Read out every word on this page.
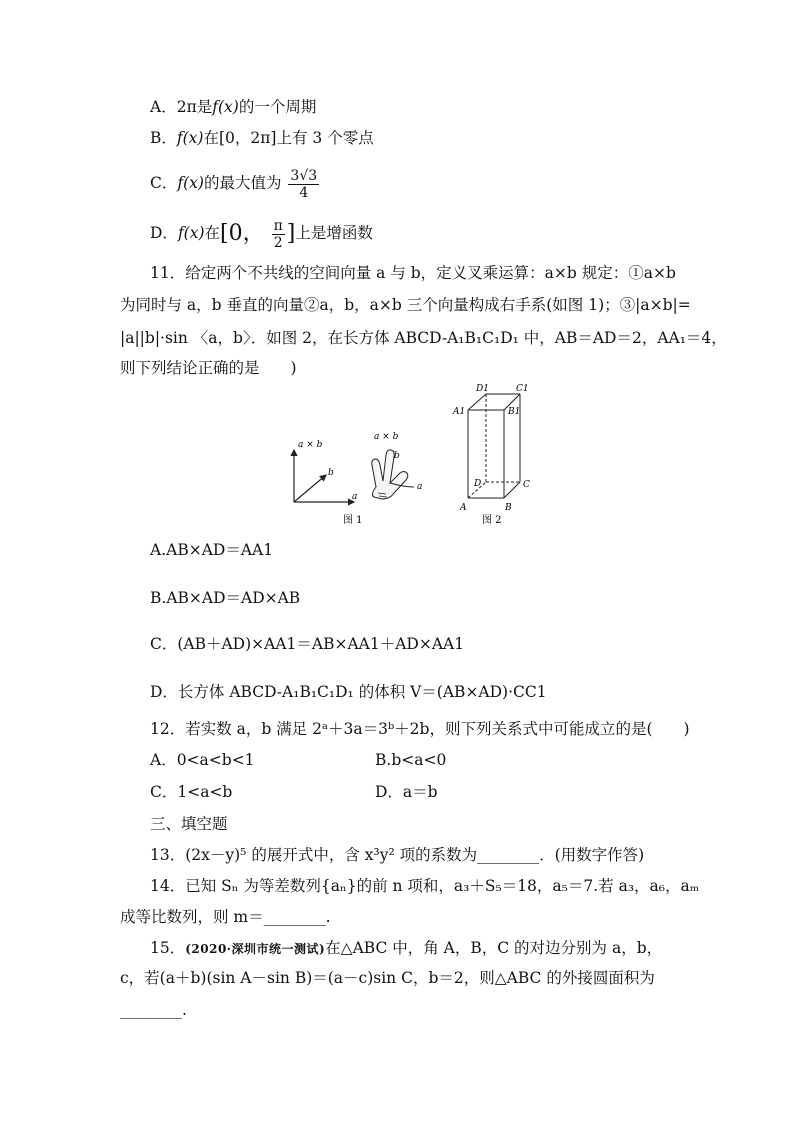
A．2π是f(x)的一个周期
B．f(x)在[0，2π]上有 3 个零点
C．f(x)的最大值为 $\frac{3√3}{4}$
D．f(x)在[0， $\frac{\pi}{2}$ ]上是增函数
11．给定两个不共线的空间向量 a 与 b，定义叉乘运算：a×b 规定：①a×b
为同时与 a，b 垂直的向量②a，b，a×b 三个向量构成右手系(如图 1)；③|a×b|=
|a||b|·sin 〈a，b〉．如图 2，在长方体 ABCD-A₁B₁C₁D₁ 中，AB＝AD＝2，AA₁＝4，
则下列结论正确的是　　)
a × b
a
b
a × b
b
a
图 1
A	B
C
D
A1	B1
C1
D1
图 2
A.AB×AD＝AA1
B.AB×AD＝AD×AB
C．(AB＋AD)×AA1＝AB×AA1＋AD×AA1
D．长方体 ABCD-A₁B₁C₁D₁ 的体积 V＝(AB×AD)·CC1
12．若实数 a，b 满足 2ᵃ＋3a＝3ᵇ＋2b，则下列关系式中可能成立的是(　　)
A．0<a<b<1	B.b<a<0
C．1<a<b	D．a＝b
三、填空题
13．(2x－y)⁵ 的展开式中，含 x³y² 项的系数为________．(用数字作答)
14．已知 Sₙ 为等差数列{aₙ}的前 n 项和，a₃＋S₅＝18，a₅＝7.若 a₃，a₆，aₘ
成等比数列，则 m＝________.
15．(2020·深圳市统一测试)在△ABC 中，角 A，B，C 的对边分别为 a，b，
c，若(a＋b)(sin A－sin B)＝(a－c)sin C，b＝2，则△ABC 的外接圆面积为
________.
